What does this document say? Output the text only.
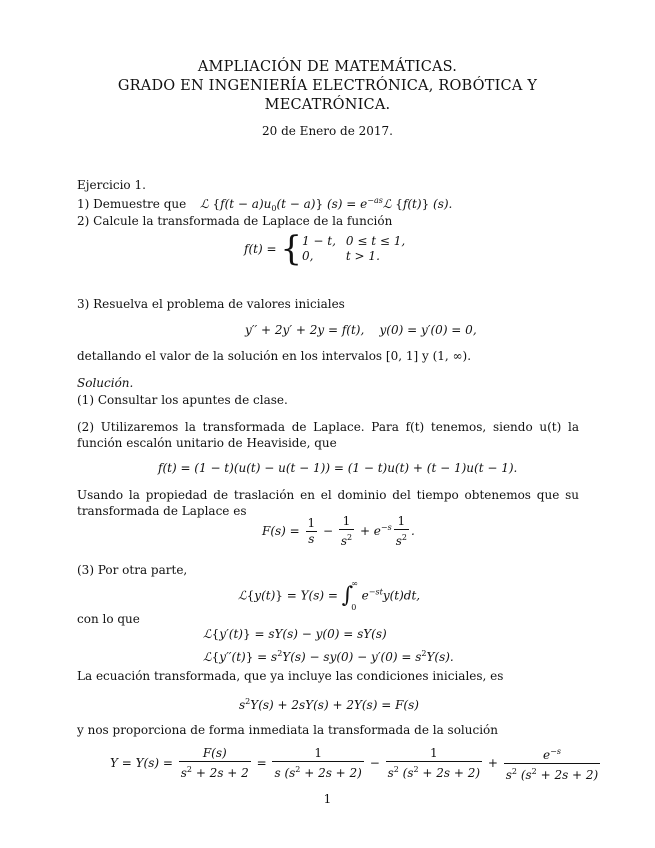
AMPLIACIÓN DE MATEMÁTICAS.
GRADO EN INGENIERÍA ELECTRÓNICA, ROBÓTICA Y
MECATRÓNICA.
20 de Enero de 2017.
Ejercicio 1.
1) Demuestre que ℒ $\{f(t - a)u_0(t - a)\}$ $(s) = e^{-as}ℒ$ {f(t)} (s).
2) Calcule la transformada de Laplace de la función
f(t) = { 1 − t,	0 ≤ t ≤ 1,
0,	t > 1.
3) Resuelva el problema de valores iniciales
y′′ + 2y′ + 2y = f(t),    y(0) = y′(0) = 0,
detallando el valor de la solución en los intervalos [0, 1] y (1, ∞).
Solución.
(1) Consultar los apuntes de clase.
(2) Utilizaremos la transformada de Laplace. Para f(t) tenemos, siendo u(t) la función escalón unitario de Heaviside, que
f(t) = (1 − t)(u(t) − u(t − 1)) = (1 − t)u(t) + (t − 1)u(t − 1).
Usando la propiedad de traslación en el dominio del tiempo obtenemos que su transformada de Laplace es
$F(s) = \frac{1}{s} - \frac{1}{s^2} + e^{-s} \frac{1}{s^2}$ .
(3) Por otra parte,
ℒ{y(t)} = Y(s) = ∫∞

0 $e^{-st}y(t)dt$,
con lo que
ℒ{y′(t)} = sY(s) − y(0) = sY(s)
ℒ{y′′(t)} = $s^2Y(s) - sy(0) - y'(0) = s^2Y(s)$.
La ecuación transformada, que ya incluye las condiciones iniciales, es
$s^2Y(s) + 2sY(s) + 2Y(s) = F(s)$
y nos proporciona de forma inmediata la transformada de la solución
$Y = Y(s) = \frac{F(s)}{s^2 + 2s + 2} = \frac{1}{s (s^2 + 2s + 2)} - \frac{1}{s^2 (s^2 + 2s + 2)} + \frac{e^{-s}}{s^2 (s^2 + 2s + 2)}$
1
